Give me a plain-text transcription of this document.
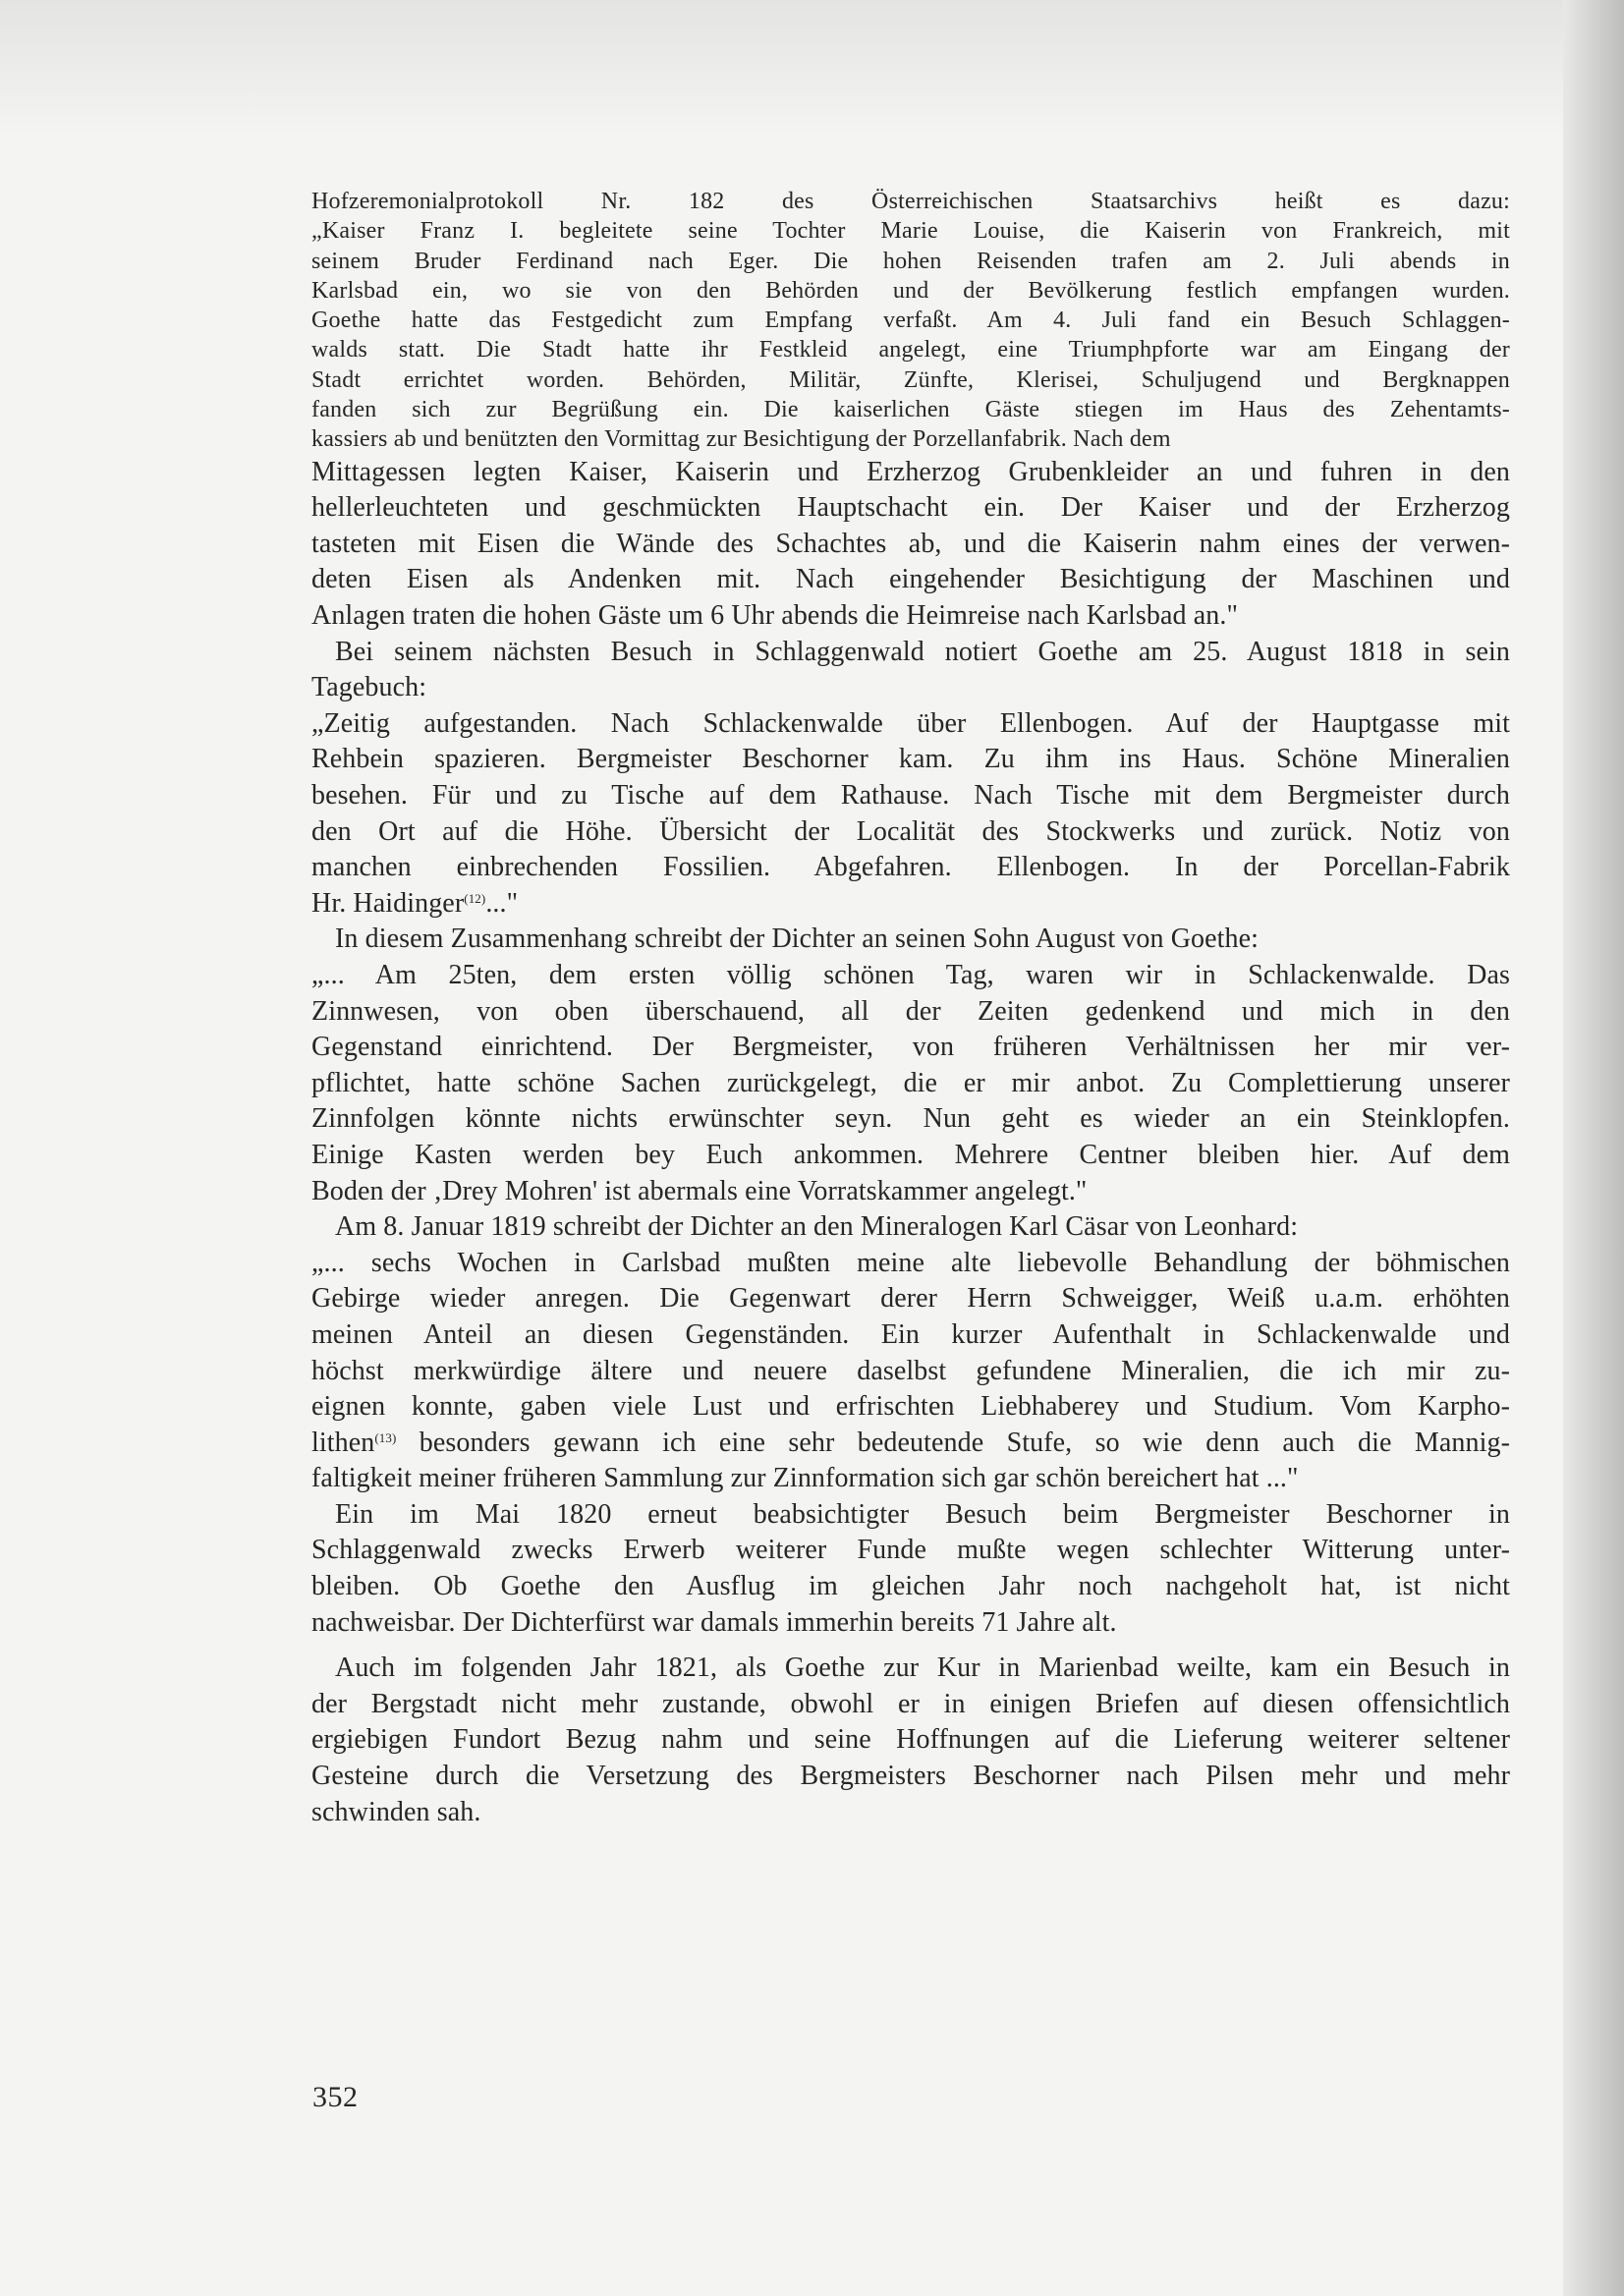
Hofzeremonialprotokoll Nr. 182 des Österreichischen Staatsarchivs heißt es dazu:
„Kaiser Franz I. begleitete seine Tochter Marie Louise, die Kaiserin von Frankreich, mit
seinem Bruder Ferdinand nach Eger. Die hohen Reisenden trafen am 2. Juli abends in
Karlsbad ein, wo sie von den Behörden und der Bevölkerung festlich empfangen wurden.
Goethe hatte das Festgedicht zum Empfang verfaßt. Am 4. Juli fand ein Besuch Schlaggen-
walds statt. Die Stadt hatte ihr Festkleid angelegt, eine Triumphpforte war am Eingang der
Stadt errichtet worden. Behörden, Militär, Zünfte, Klerisei, Schuljugend und Bergknappen
fanden sich zur Begrüßung ein. Die kaiserlichen Gäste stiegen im Haus des Zehentamts-
kassiers ab und benützten den Vormittag zur Besichtigung der Porzellanfabrik. Nach dem
Mittagessen legten Kaiser, Kaiserin und Erzherzog Grubenkleider an und fuhren in den
hellerleuchteten und geschmückten Hauptschacht ein. Der Kaiser und der Erzherzog
tasteten mit Eisen die Wände des Schachtes ab, und die Kaiserin nahm eines der verwen-
deten Eisen als Andenken mit. Nach eingehender Besichtigung der Maschinen und
Anlagen traten die hohen Gäste um 6 Uhr abends die Heimreise nach Karlsbad an."
Bei seinem nächsten Besuch in Schlaggenwald notiert Goethe am 25. August 1818 in sein
Tagebuch:
„Zeitig aufgestanden. Nach Schlackenwalde über Ellenbogen. Auf der Hauptgasse mit
Rehbein spazieren. Bergmeister Beschorner kam. Zu ihm ins Haus. Schöne Mineralien
besehen. Für und zu Tische auf dem Rathause. Nach Tische mit dem Bergmeister durch
den Ort auf die Höhe. Übersicht der Localität des Stockwerks und zurück. Notiz von
manchen einbrechenden Fossilien. Abgefahren. Ellenbogen. In der Porcellan-Fabrik
Hr. Haidinger$^{(12)}$..."
In diesem Zusammenhang schreibt der Dichter an seinen Sohn August von Goethe:
„... Am 25ten, dem ersten völlig schönen Tag, waren wir in Schlackenwalde. Das
Zinnwesen, von oben überschauend, all der Zeiten gedenkend und mich in den
Gegenstand einrichtend. Der Bergmeister, von früheren Verhältnissen her mir ver-
pflichtet, hatte schöne Sachen zurückgelegt, die er mir anbot. Zu Complettierung unserer
Zinnfolgen könnte nichts erwünschter seyn. Nun geht es wieder an ein Steinklopfen.
Einige Kasten werden bey Euch ankommen. Mehrere Centner bleiben hier. Auf dem
Boden der ‚Drey Mohren' ist abermals eine Vorratskammer angelegt."
Am 8. Januar 1819 schreibt der Dichter an den Mineralogen Karl Cäsar von Leonhard:
„... sechs Wochen in Carlsbad mußten meine alte liebevolle Behandlung der böhmischen
Gebirge wieder anregen. Die Gegenwart derer Herrn Schweigger, Weiß u.a.m. erhöhten
meinen Anteil an diesen Gegenständen. Ein kurzer Aufenthalt in Schlackenwalde und
höchst merkwürdige ältere und neuere daselbst gefundene Mineralien, die ich mir zu-
eignen konnte, gaben viele Lust und erfrischten Liebhaberey und Studium. Vom Karpho-
lithen$^{(13)}$ besonders gewann ich eine sehr bedeutende Stufe, so wie denn auch die Mannig-
faltigkeit meiner früheren Sammlung zur Zinnformation sich gar schön bereichert hat ..."
Ein im Mai 1820 erneut beabsichtigter Besuch beim Bergmeister Beschorner in
Schlaggenwald zwecks Erwerb weiterer Funde mußte wegen schlechter Witterung unter-
bleiben. Ob Goethe den Ausflug im gleichen Jahr noch nachgeholt hat, ist nicht
nachweisbar. Der Dichterfürst war damals immerhin bereits 71 Jahre alt.
Auch im folgenden Jahr 1821, als Goethe zur Kur in Marienbad weilte, kam ein Besuch in
der Bergstadt nicht mehr zustande, obwohl er in einigen Briefen auf diesen offensichtlich
ergiebigen Fundort Bezug nahm und seine Hoffnungen auf die Lieferung weiterer seltener
Gesteine durch die Versetzung des Bergmeisters Beschorner nach Pilsen mehr und mehr
schwinden sah.
352
